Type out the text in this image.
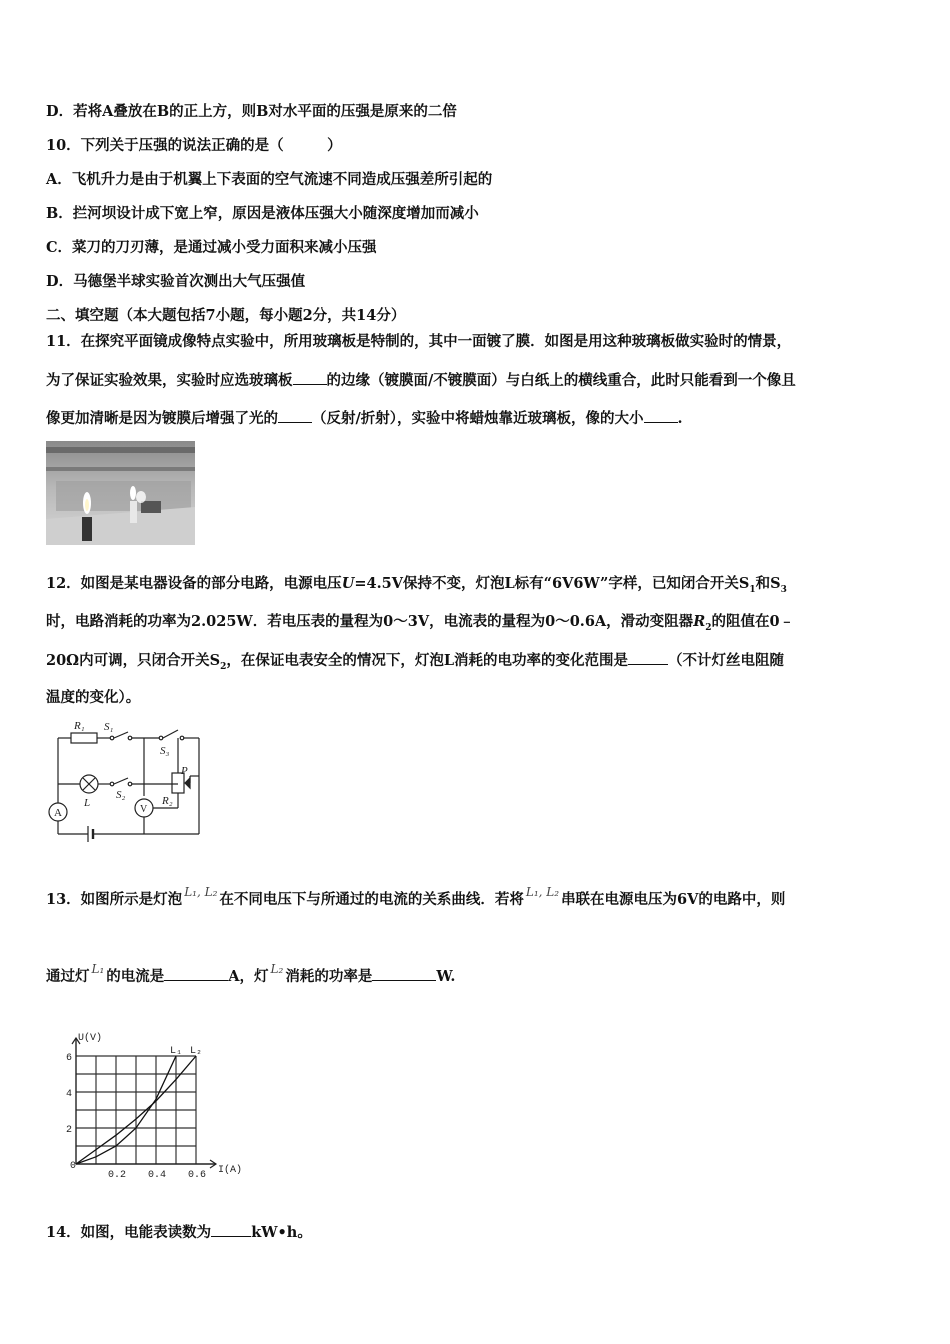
D．若将A叠放在B的正上方，则B对水平面的压强是原来的二倍
10．下列关于压强的说法正确的是（　　　）
A．飞机升力是由于机翼上下表面的空气流速不同造成压强差所引起的
B．拦河坝设计成下宽上窄，原因是液体压强大小随深度增加而减小
C．菜刀的刀刃薄，是通过减小受力面积来减小压强
D．马德堡半球实验首次测出大气压强值
二、填空题（本大题包括7小题，每小题2分，共14分）
11．在探究平面镜成像特点实验中，所用玻璃板是特制的，其中一面镀了膜．如图是用这种玻璃板做实验时的情景，
为了保证实验效果，实验时应选玻璃板 的边缘（镀膜面/不镀膜面）与白纸上的横线重合，此时只能看到一个像且
像更加清晰是因为镀膜后增强了光的 （反射/折射），实验中将蜡烛靠近玻璃板，像的大小 .
12．如图是某电器设备的部分电路，电源电压U=4.5V保持不变，灯泡L标有“6V6W”字样，已知闭合开关$S_1$和$S_3$
时，电路消耗的功率为2.025W．若电压表的量程为0～3V，电流表的量程为0～0.6A，滑动变阻器$R_2$的阻值在0﹣
20Ω内可调，只闭合开关$S_2$，在保证电表安全的情况下，灯泡L消耗的电功率的变化范围是	（不计灯丝电阻随
温度的变化）。
R₁ S₁
S₃
P
L
S₂	R₂
A	V
13．如图所示是灯泡 $^{L_1, L_2}$ 在不同电压下与所通过的电流的关系曲线．若将 $^{L_1, L_2}$ 串联在电源电压为6V的电路中，则
通过灯 $^{L_1}$ 的电流是	A，灯 $^{L_2}$ 消耗的功率是	W.
0.2 0.4 0.6
2
4
6
0
L₁ L₂
I(A)
U(V)
14．如图，电能表读数为	kW•h。
